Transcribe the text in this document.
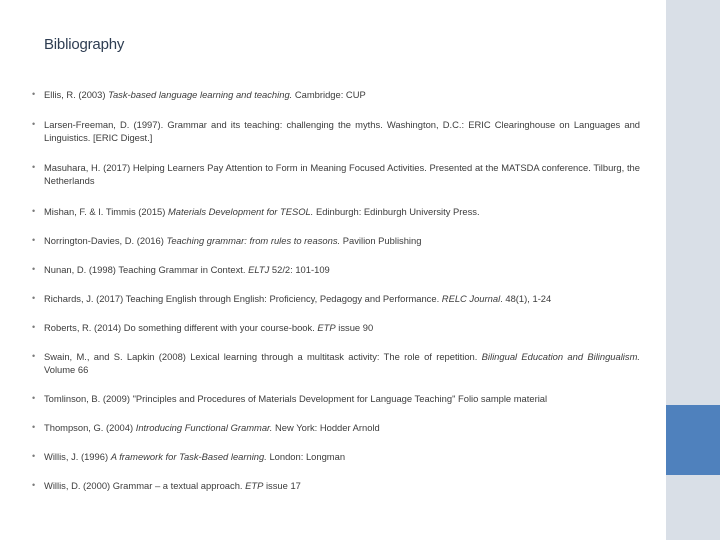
Bibliography
• Ellis, R. (2003) Task-based language learning and teaching. Cambridge: CUP
• Larsen-Freeman, D. (1997). Grammar and its teaching: challenging the myths. Washington, D.C.: ERIC Clearinghouse on Languages and Linguistics. [ERIC Digest.]
• Masuhara, H. (2017) Helping Learners Pay Attention to Form in Meaning Focused Activities. Presented at the MATSDA conference. Tilburg, the Netherlands
• Mishan, F. & I. Timmis (2015) Materials Development for TESOL. Edinburgh: Edinburgh University Press.
• Norrington-Davies, D. (2016) Teaching grammar: from rules to reasons. Pavilion Publishing
• Nunan, D. (1998) Teaching Grammar in Context. ELTJ 52/2: 101-109
• Richards, J. (2017) Teaching English through English: Proficiency, Pedagogy and Performance. RELC Journal. 48(1), 1-24
• Roberts, R. (2014) Do something different with your course-book. ETP issue 90
• Swain, M., and S. Lapkin (2008) Lexical learning through a multitask activity: The role of repetition. Bilingual Education and Bilingualism. Volume 66
• Tomlinson, B. (2009) "Principles and Procedures of Materials Development for Language Teaching" Folio sample material
• Thompson, G. (2004) Introducing Functional Grammar. New York: Hodder Arnold
• Willis, J. (1996) A framework for Task-Based learning. London: Longman
• Willis, D. (2000) Grammar – a textual approach. ETP issue 17
